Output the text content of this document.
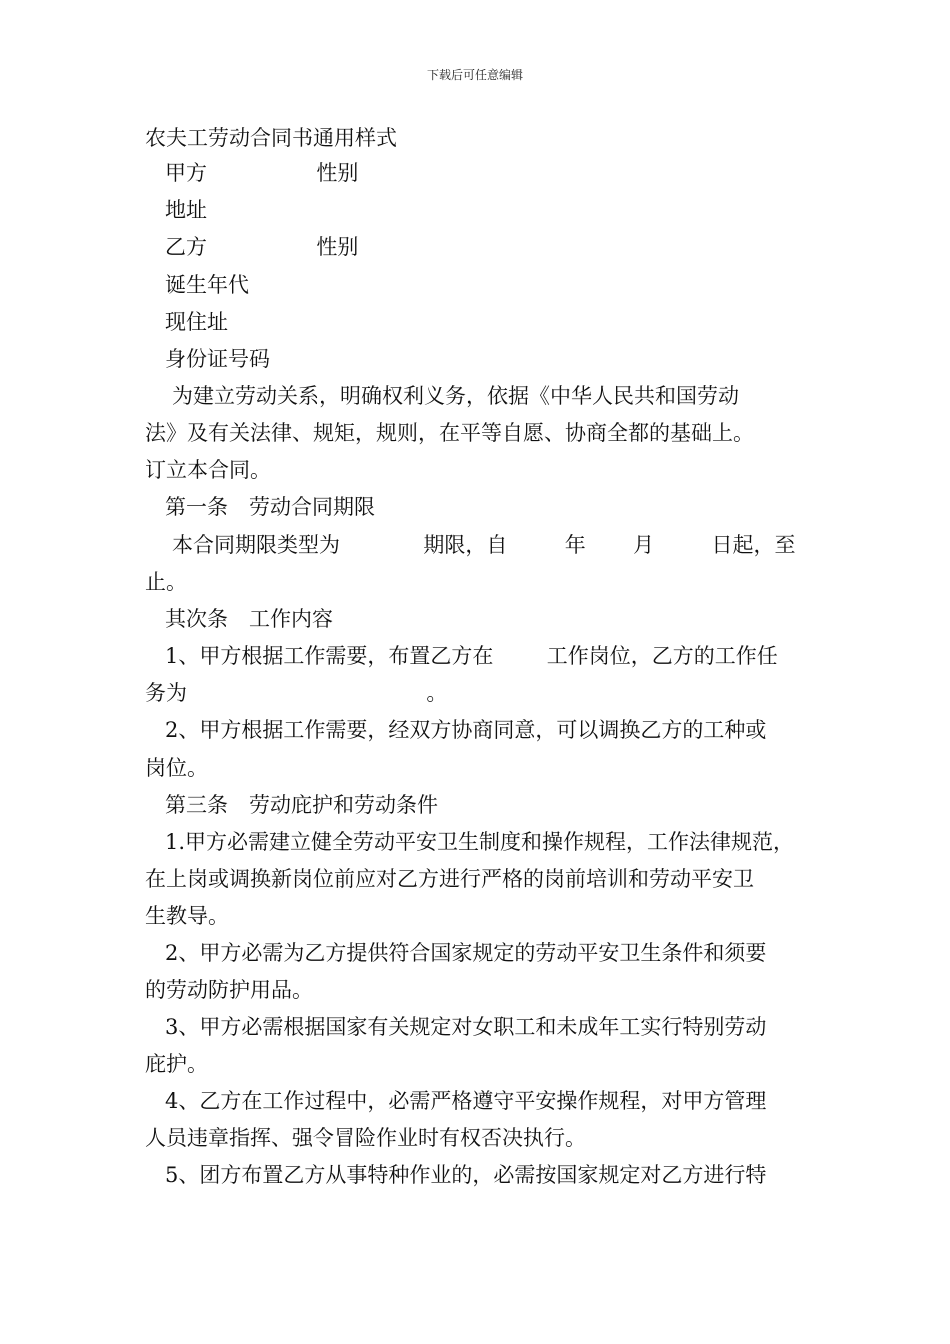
下载后可任意编辑
农夫工劳动合同书通用样式
甲方	性别
地址
乙方	性别
诞生年代
现住址
身份证号码
为建立劳动关系，明确权利义务，依据《中华人民共和国劳动
法》及有关法律、规矩，规则，在平等自愿、协商全都的基础上。
订立本合同。
第一条　劳动合同期限
本合同期限类型为	期限，自	年 月	日起，至
止。
其次条　工作内容
1、甲方根据工作需要，布置乙方在	工作岗位，乙方的工作任
务为	。
2、甲方根据工作需要，经双方协商同意，可以调换乙方的工种或
岗位。
第三条　劳动庇护和劳动条件
1.甲方必需建立健全劳动平安卫生制度和操作规程，工作法律规范，
在上岗或调换新岗位前应对乙方进行严格的岗前培训和劳动平安卫
生教导。
2、甲方必需为乙方提供符合国家规定的劳动平安卫生条件和须要
的劳动防护用品。
3、甲方必需根据国家有关规定对女职工和未成年工实行特别劳动
庇护。
4、乙方在工作过程中，必需严格遵守平安操作规程，对甲方管理
人员违章指挥、强令冒险作业时有权否决执行。
5、团方布置乙方从事特种作业的，必需按国家规定对乙方进行特
